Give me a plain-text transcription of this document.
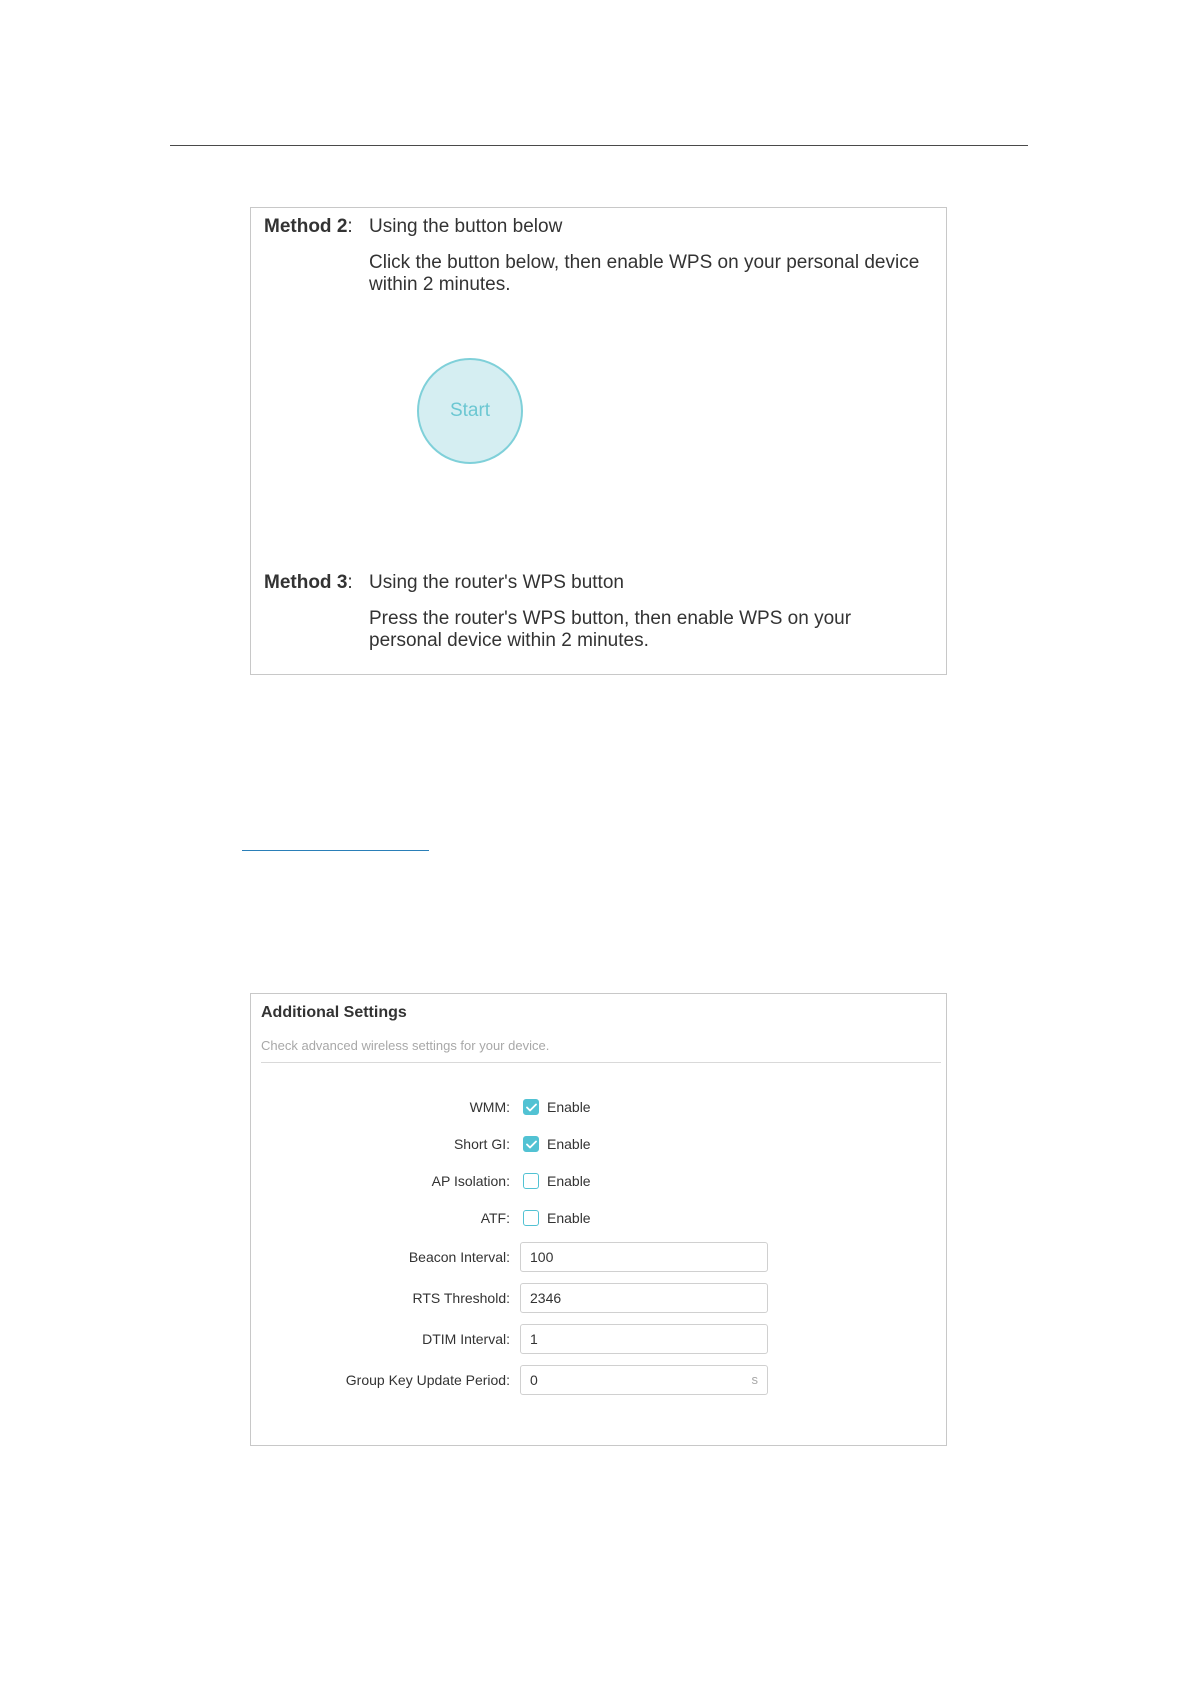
Method 2: Using the button below
Click the button below, then enable WPS on your personal device within 2 minutes.
Start
Method 3: Using the router's WPS button
Press the router's WPS button, then enable WPS on your personal device within 2 minutes.
Additional Settings
Check advanced wireless settings for your device.
WMM:	Enable
Short GI:	Enable
AP Isolation:	Enable
ATF:	Enable
Beacon Interval:	100
RTS Threshold:	2346
DTIM Interval:	1
Group Key Update Period:	0	s
